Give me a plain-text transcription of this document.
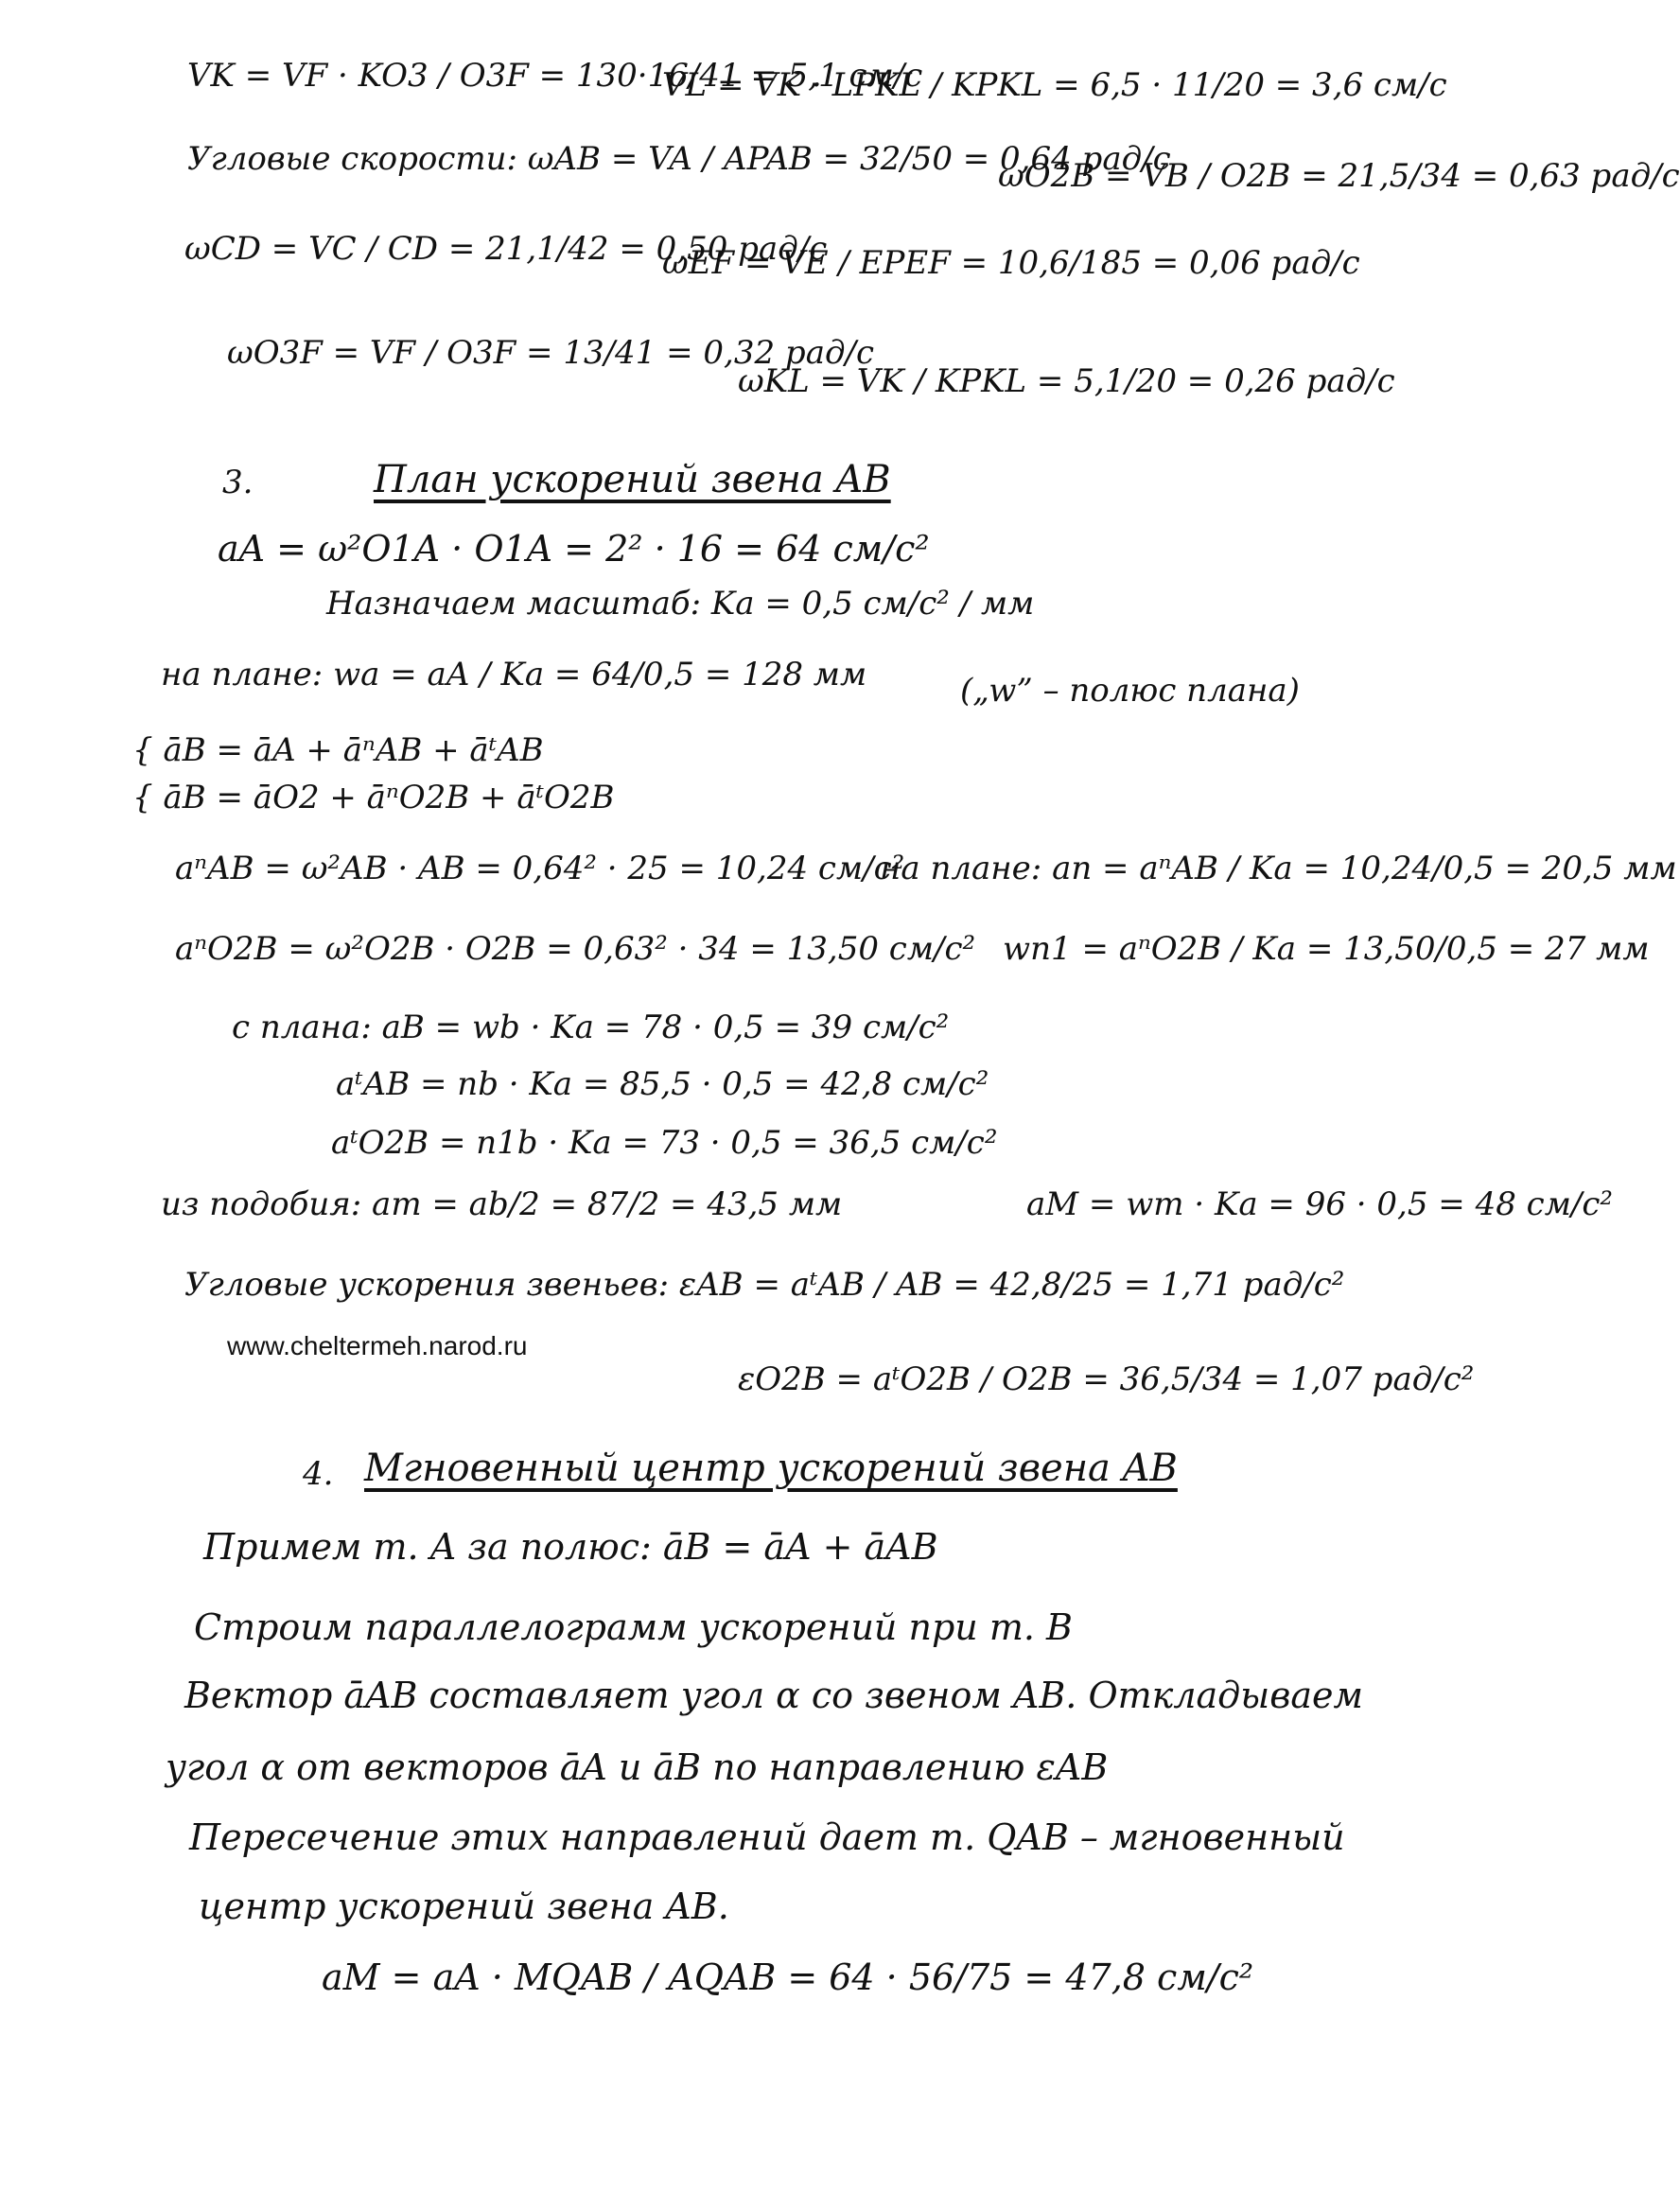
VK = VF · KO3 / O3F = 130·16/41 = 5,1 см/с
VL = VK · LPKL / KPKL = 6,5 · 11/20 = 3,6 см/с
Угловые скорости: ωAB = VA / APAB = 32/50 = 0,64 рад/с
ωO2B = VB / O2B = 21,5/34 = 0,63 рад/с
ωCD = VC / CD = 21,1/42 = 0,50 рад/с
ωEF = VE / EPEF = 10,6/185 = 0,06 рад/с
ωO3F = VF / O3F = 13/41 = 0,32 рад/с
ωKL = VK / KPKL = 5,1/20 = 0,26 рад/с
3.	План ускорений звена AB
aA = ω²O1A · O1A = 2² · 16 = 64 см/с²
Назначаем масштаб: Ka = 0,5 см/с² / мм
на плане: wa = aA / Ka = 64/0,5 = 128 мм	(„w” – полюс плана)
{ āB = āA + āⁿAB + āᵗAB
{ āB = āO2 + āⁿO2B + āᵗO2B
aⁿAB = ω²AB · AB = 0,64² · 25 = 10,24 см/с²
на плане: an = aⁿAB / Ka = 10,24/0,5 = 20,5 мм
aⁿO2B = ω²O2B · O2B = 0,63² · 34 = 13,50 см/с² wn1 = aⁿO2B / Ka = 13,50/0,5 = 27 мм
с плана: aB = wb · Ka = 78 · 0,5 = 39 см/с²
aᵗAB = nb · Ka = 85,5 · 0,5 = 42,8 см/с²
aᵗO2B = n1b · Ka = 73 · 0,5 = 36,5 см/с²
из подобия: am = ab/2 = 87/2 = 43,5 мм	aM = wm · Ka = 96 · 0,5 = 48 см/с²
Угловые ускорения звеньев: εAB = aᵗAB / AB = 42,8/25 = 1,71 рад/с²
www.cheltermeh.narod.ru
εO2B = aᵗO2B / O2B = 36,5/34 = 1,07 рад/с²
4. Мгновенный центр ускорений звена AB
Примем т. A за полюс: āB = āA + āAB
Строим параллелограмм ускорений при т. B
Вектор āAB составляет угол α со звеном AB. Откладываем
угол α от векторов āA и āB по направлению εAB
Пересечение этих направлений дает т. QAB – мгновенный
центр ускорений звена AB.
aM = aA · MQAB / AQAB = 64 · 56/75 = 47,8 см/с²
